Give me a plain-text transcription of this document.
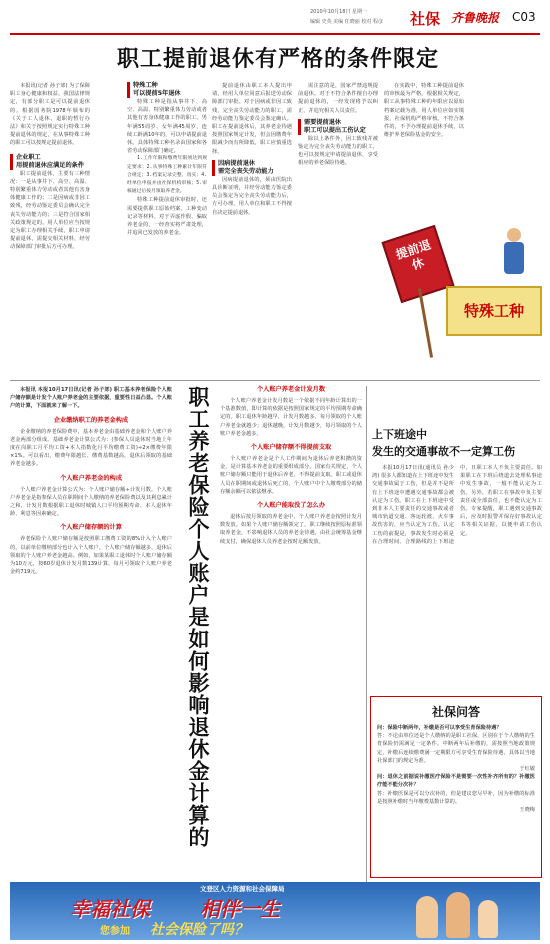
2010年10月18日 星期一
编辑 史英 美编 任晓丽 校对 程彦 社保 齐鲁晚报 C03
职工提前退休有严格的条件限定

本报讯(记者 孙子郊) 为了保障职工身心健康和权益，我国法律规定，有部分职工是可以提前退休的。根据国务院1978年颁布的《关于工人退休、退职的暂行办法》和关于按照规定实行特殊工种提前退休的规定，在从事特殊工种的职工可以按规定提前退休。

企业职工
用提前退休应满足的条件

职工提前退休，主要有三种情况：一是从事井下、高空、高温、特别繁重体力劳动或者其他有害身体健康工作的；二是因病或非因工致残，经劳动鉴定委员会确认完全丧失劳动能力的；三是符合国家相关政策规定的。用人单位应当按规定为职工办理相关手续，职工申请提前退休，需提交相关材料，经劳动保障部门审批后方可办理。

特殊工种
可以提前5年退休

特殊工种是指从事井下、高空、高温、特别繁重体力劳动或者其他有害身体健康工作的职工。男年满55周岁、女年满45周岁，连续工龄满10年的，可以申请提前退休。具体特殊工种名录由国家和各省劳动保障部门确定。

1.工作年限和缴费年限须达到规定要求；2.从事特殊工种累计年限符合规定；3.档案记录完整、真实；4.经单位申报并由社保机构审核；5.审核通过后按月领取养老金。

特殊工种提前退休审批时，还需要提供职工原始档案、工种变动记录等材料。对于弄虚作假、骗取养老金的，一经查实将严肃处理，并追回已发放的养老金。

提前退休由职工本人提出申请，经用人单位同意后报送劳动保障部门审批。对于因病或非因工致残，完全丧失劳动能力的职工，需经劳动能力鉴定委员会鉴定确认。职工在提前退休后，其养老金待遇按照国家规定计发，但会因缴费年限减少而有所降低，职工应慎重选择。

因病提前退休
需完全丧失劳动能力

因病提前退休的，须由医院出具诊断证明，并经劳动能力鉴定委员会鉴定为完全丧失劳动能力后，方可办理。用人单位和职工不得擅自决定提前退休。

需注意的是，国家严禁违规提前退休。对于不符合条件擅自办理提前退休的，一经发现将予以纠正，并追究相关人员责任。

需要提前退休
职工可以提出工伤认定

除以上条件外，因工致残并被鉴定为完全丧失劳动能力的职工，也可以按规定申请提前退休，享受相应的养老保险待遇。

在实践中，特殊工种提前退休的审核最为严格。根据相关规定，职工从事特殊工种的年限应以原始档案记载为准，用人单位应如实填报，社保机构严格审核。不符合条件的，不予办理提前退休手续，以维护养老保险基金的安全。

提前退休
特殊工种
职工养老保险个人账户是如何影响退休金计算的

本报讯 本报10月17日讯(记者 孙子郊) 职工基本养老保险个人账户储存额是计发个人账户养老金的主要依据，重要性日益凸显。个人账户的计算，下面就来了解一下。

企业缴纳职工的养老金构成

企业缴纳的养老保险费中，基本养老金由基础养老金和个人账户养老金两部分组成。基础养老金计算公式为：(参保人员退休时当地上年度在岗职工月平均工资+本人指数化月平均缴费工资)÷2×缴费年限×1%。可以看出，缴费年限越长、缴费基数越高，退休后领取的基础养老金越多。

个人账户养老金的构成

个人账户养老金计算公式为：个人账户储存额÷计发月数。个人账户养老金是指参保人员在职期间个人缴纳的养老保险费以及其利息累计之和，计发月数根据职工退休时城镇人口平均预期寿命、本人退休年龄、利息等因素确定。

个人账户储存额的计算

养老保险个人账户储存额是按照职工缴费工资的8%计入个人账户的，以前单位缴纳部分也计入个人账户。个人账户储存额越多，退休后领取的个人账户养老金越高。例如，如果某职工退休时个人账户储存额为10万元，按60岁退休计发月数139计算，每月可领取个人账户养老金约719元。

个人账户养老金计发月数

个人账户养老金计发月数是一个依据不同年龄计算出的一个基准数值，即计算的依据是按照国家规定的平均预期寿命确定的。职工退休年龄越早，计发月数越多，每月领取的个人账户养老金就越少；退休越晚，计发月数越少，每月领取的个人账户养老金越多。

个人账户储存额不得提前支取

个人账户养老金是个人工作期间为退休后养老积攒的资金，是计算基本养老金的重要组成部分。国家有关规定，个人账户储存额只能用于退休后养老，不得提前支取。职工或退休人员在职期间或退休后死亡的，个人账户中个人缴费部分的储存额余额可以依法继承。

个人账户能取没了怎么办

退休后按月领取的养老金中，个人账户养老金按照计发月数发放。如果个人账户储存额领完了，职工继续按照原标准领取养老金，不影响退休人员的养老金待遇，由社会统筹基金继续支付，确保退休人员养老金按时足额发放。

上下班途中
发生的交通事故不一定算工伤

本报10月17日讯(通讯员 孙少鸿) 很多人都知道在上下班途中发生交通事故属于工伤，但是并不是所有上下班途中遭遇交通事故都会被认定为工伤。职工在上下班途中受到非本人主要责任的交通事故或者城市轨道交通、客运轮渡、火车事故伤害的，应当认定为工伤。认定工伤的前提是，事故发生时必须是在合理时间、合理路线的上下班途中，且职工本人不负主要责任。如果职工在下班后绕道去处理私事途中发生事故，一般不能认定为工伤。另外，若职工在事故中负主要责任或全部责任，也不能认定为工伤。专家提醒，职工遇到交通事故后，应及时报警并保存好事故认定书等相关证据，以便申请工伤认定。

社保问答

问：保险中断两年，补缴是否可以享受生育保险待遇？

答：不论由单位还是个人缴纳的是职工社保，区别在于个人缴纳的生育保险仍需满足一定条件。中断两年后补缴的，需按照当地政策规定，补缴后连续缴费满一定期限方可享受生育保险待遇，具体以当地社保部门的规定为准。

于红敏

问：退休之前据说补缴医疗保险不是需要一次性补齐所有的？补缴医疗能不能分次补？

答：补缴医保是可以分次补的，但是建议您尽早补，因为补缴的标准是按照补缴时当年缴费基数计算的。

王晓梅
文登区人力资源和社会保障局
幸福社保	相伴一生
您参加 社会保险了吗？
